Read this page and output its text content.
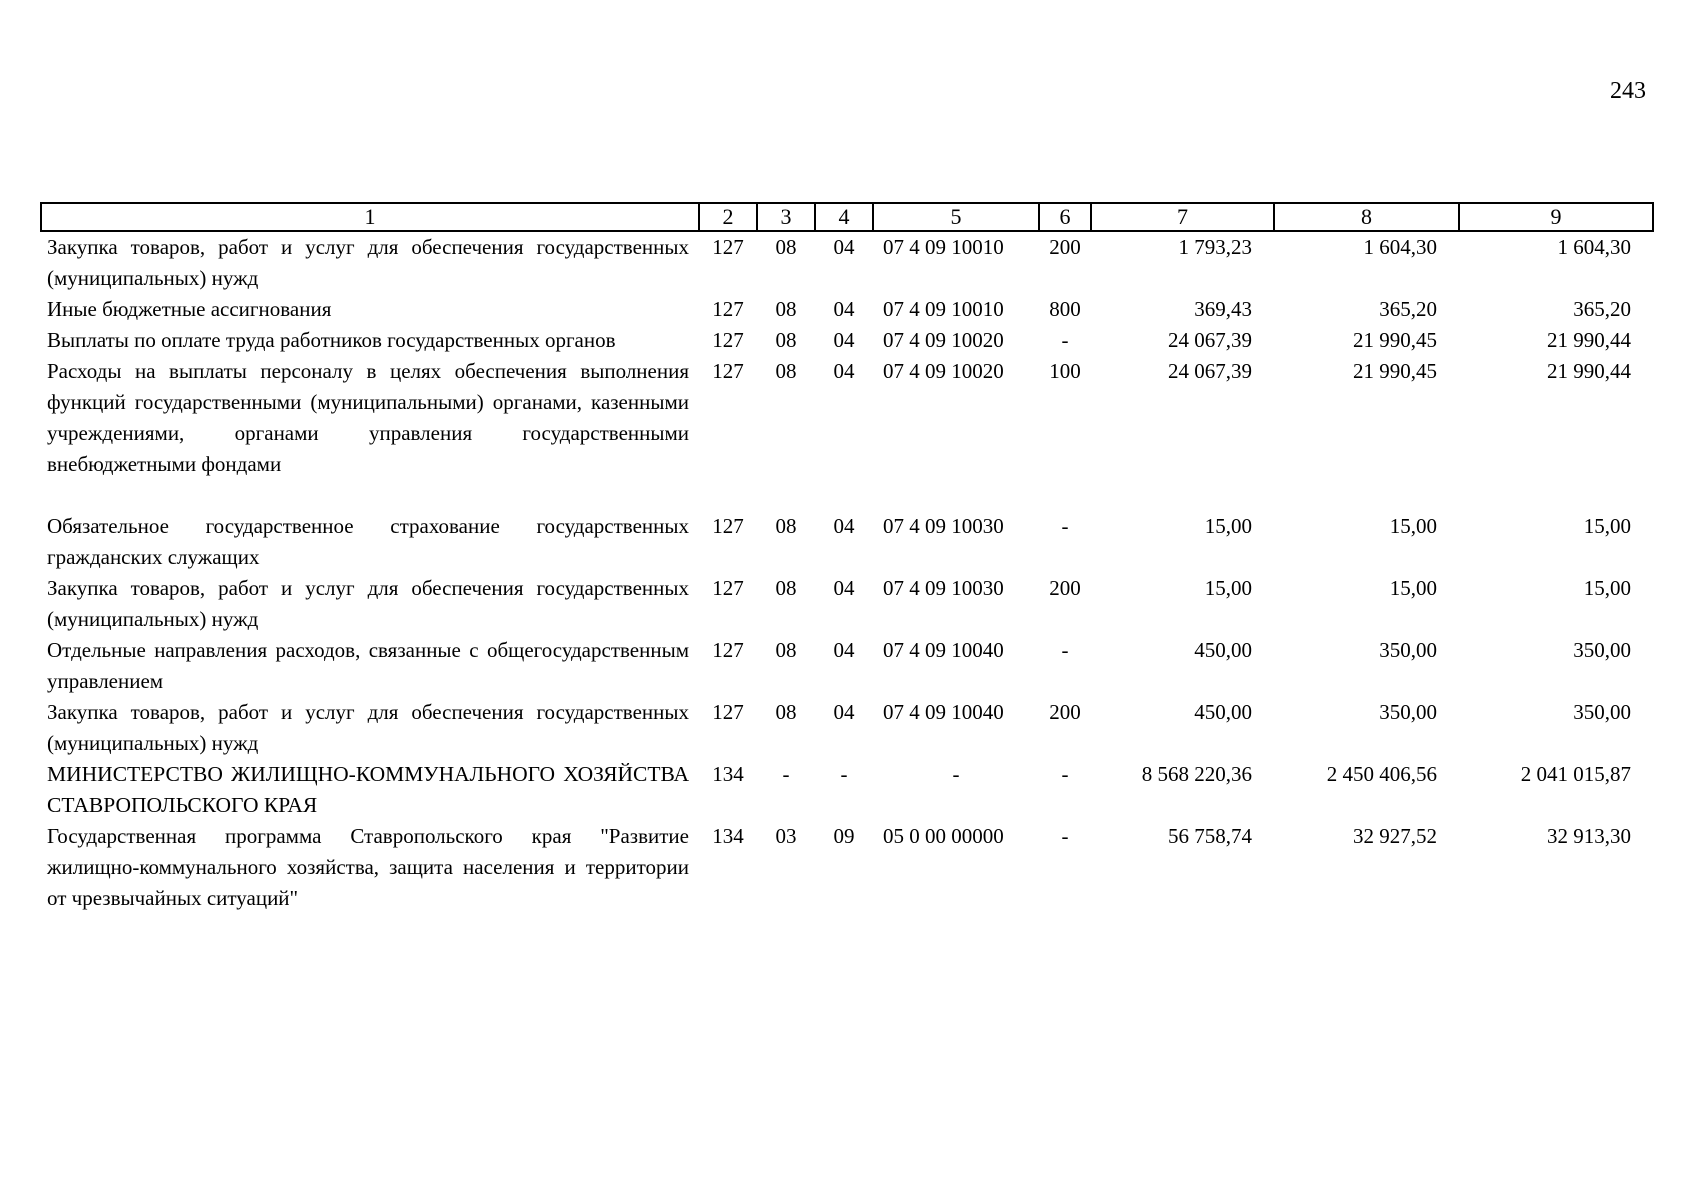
243
1	2	3	4	5	6	7	8	9
Закупка товаров, работ и услуг для обеспечения государственных (муниципальных) нужд	127	08	04	07 4 09 10010	200	1 793,23	1 604,30	1 604,30
Иные бюджетные ассигнования	127	08	04	07 4 09 10010	800	369,43	365,20	365,20
Выплаты по оплате труда работников государственных органов	127	08	04	07 4 09 10020	-	24 067,39	21 990,45	21 990,44
Расходы на выплаты персоналу в целях обеспечения выполнения функций государственными (муниципальными) органами, казенными учреждениями, органами управления государственными внебюджетными фондами	127	08	04	07 4 09 10020	100	24 067,39	21 990,45	21 990,44
Обязательное государственное страхование государственных гражданских служащих	127	08	04	07 4 09 10030	-	15,00	15,00	15,00
Закупка товаров, работ и услуг для обеспечения государственных (муниципальных) нужд	127	08	04	07 4 09 10030	200	15,00	15,00	15,00
Отдельные направления расходов, связанные с общегосударственным управлением	127	08	04	07 4 09 10040	-	450,00	350,00	350,00
Закупка товаров, работ и услуг для обеспечения государственных (муниципальных) нужд	127	08	04	07 4 09 10040	200	450,00	350,00	350,00
МИНИСТЕРСТВО ЖИЛИЩНО-КОММУНАЛЬНОГО ХОЗЯЙСТВА СТАВРОПОЛЬСКОГО КРАЯ	134	-	-	-	-	8 568 220,36	2 450 406,56	2 041 015,87
Государственная программа Ставропольского края "Развитие жилищно-коммунального хозяйства, защита населения и территории от чрезвычайных ситуаций"	134	03	09	05 0 00 00000	-	56 758,74	32 927,52	32 913,30
